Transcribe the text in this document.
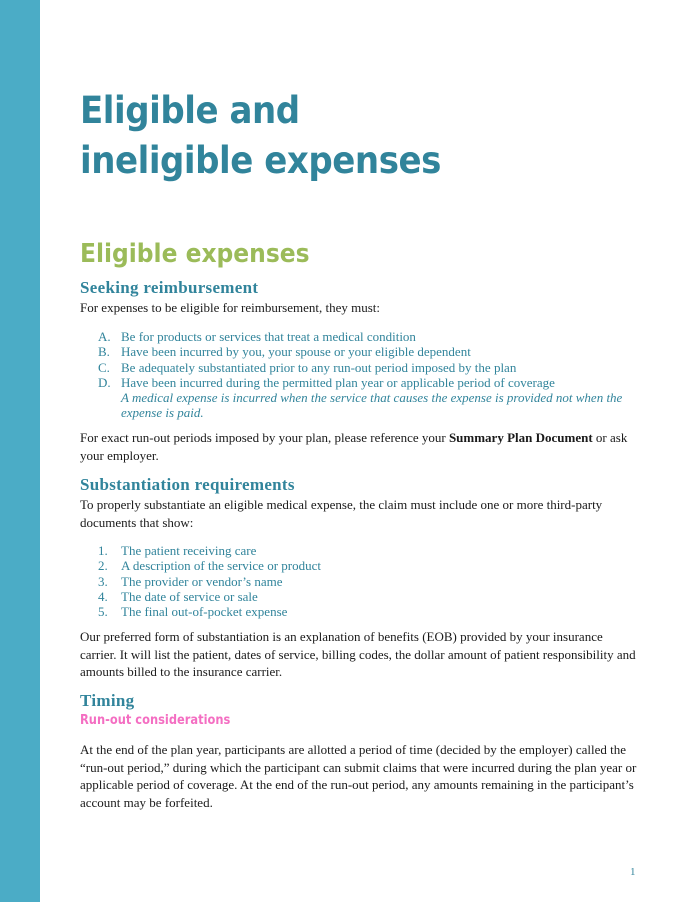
Eligible and
ineligible expenses
Eligible expenses
Seeking reimbursement

For expenses to be eligible for reimbursement, they must:

A. Be for products or services that treat a medical condition
B. Have been incurred by you, your spouse or your eligible dependent
C. Be adequately substantiated prior to any run-out period imposed by the plan
D. Have been incurred during the permitted plan year or applicable period of coverage
A medical expense is incurred when the service that causes the expense is provided not when the expense is paid.

For exact run-out periods imposed by your plan, please reference your Summary Plan Document or ask your employer.

Substantiation requirements

To properly substantiate an eligible medical expense, the claim must include one or more third-party documents that show:

1.	The patient receiving care
2.	A description of the service or product
3.	The provider or vendor’s name
4.	The date of service or sale
5.	The final out-of-pocket expense

Our preferred form of substantiation is an explanation of benefits (EOB) provided by your insurance carrier. It will list the patient, dates of service, billing codes, the dollar amount of patient responsibility and amounts billed to the insurance carrier.

Timing
Run-out considerations

At the end of the plan year, participants are allotted a period of time (decided by the employer) called the “run-out period,” during which the participant can submit claims that were incurred during the plan year or applicable period of coverage. At the end of the run-out period, any amounts remaining in the participant’s account may be forfeited.

1
